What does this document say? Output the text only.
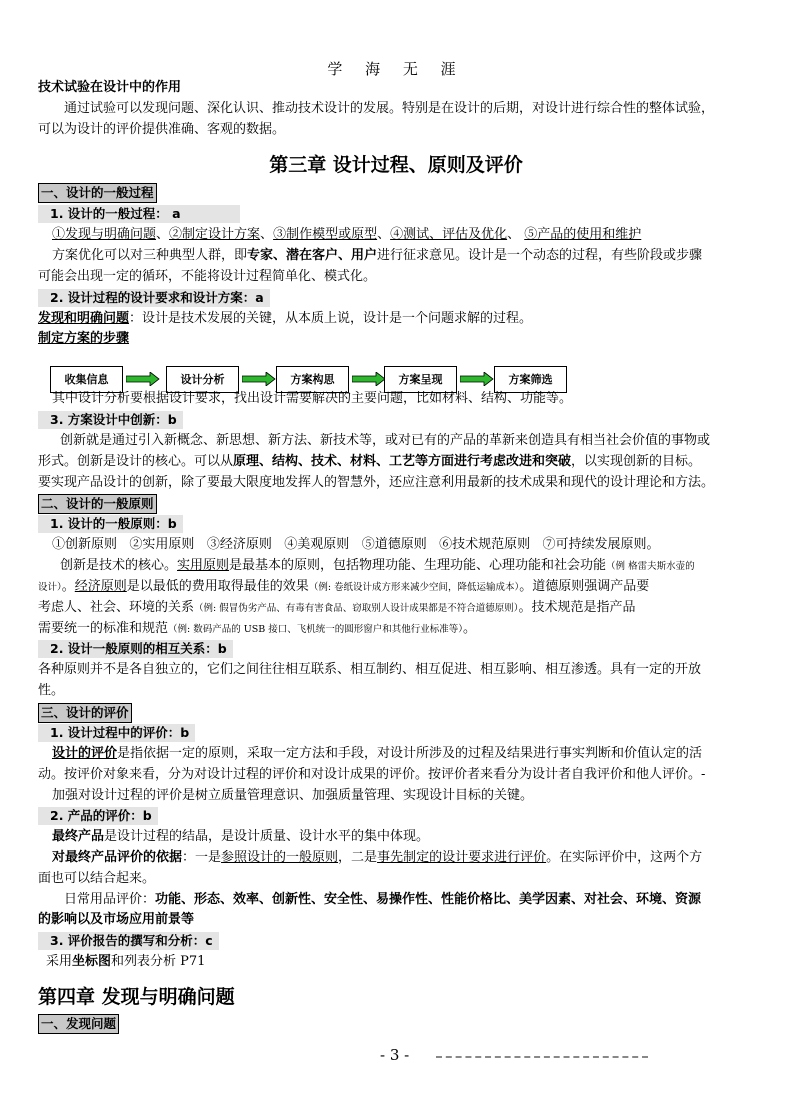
学 海 无 涯
技术试验在设计中的作用
通过试验可以发现问题、深化认识、推动技术设计的发展。特别是在设计的后期，对设计进行综合性的整体试验，
可以为设计的评价提供准确、客观的数据。
第三章 设计过程、原则及评价
一、设计的一般过程
1. 设计的一般过程： a
①发现与明确问题、②制定设计方案、③制作模型或原型、④测试、评估及优化、 ⑤产品的使用和维护
方案优化可以对三种典型人群，即专家、潜在客户、用户进行征求意见。设计是一个动态的过程，有些阶段或步骤
可能会出现一定的循环，不能将设计过程简单化、模式化。
2. 设计过程的设计要求和设计方案：a
发现和明确问题：设计是技术发展的关键，从本质上说，设计是一个问题求解的过程。
制定方案的步骤
收集信息	设计分析	方案构思	方案呈现	方案筛选
其中设计分析要根据设计要求，找出设计需要解决的主要问题，比如材料、结构、功能等。
3. 方案设计中创新：b
创新就是通过引入新概念、新思想、新方法、新技术等，或对已有的产品的革新来创造具有相当社会价值的事物或
形式。创新是设计的核心。可以从原理、结构、技术、材料、工艺等方面进行考虑改进和突破，以实现创新的目标。
要实现产品设计的创新，除了要最大限度地发挥人的智慧外，还应注意利用最新的技术成果和现代的设计理论和方法。
二、设计的一般原则
1. 设计的一般原则：b
①创新原则 ②实用原则 ③经济原则 ④美观原则 ⑤道德原则 ⑥技术规范原则 ⑦可持续发展原则。
创新是技术的核心。实用原则是最基本的原则，包括物理功能、生理功能、心理功能和社会功能（例 格雷夫斯水壶的
设计）。经济原则是以最低的费用取得最佳的效果（例: 卷纸设计成方形来减少空间，降低运输成本）。道德原则强调产品要
考虑人、社会、环境的关系（例: 假冒伪劣产品、有毒有害食品、窃取别人设计成果都是不符合道德原则）。技术规范是指产品
需要统一的标准和规范（例: 数码产品的 USB 接口、飞机统一的圆形窗户和其他行业标准等）。
2. 设计一般原则的相互关系：b
各种原则并不是各自独立的，它们之间往往相互联系、相互制约、相互促进、相互影响、相互渗透。具有一定的开放
性。
三、设计的评价
1. 设计过程中的评价：b
设计的评价是指依据一定的原则，采取一定方法和手段，对设计所涉及的过程及结果进行事实判断和价值认定的活
动。按评价对象来看，分为对设计过程的评价和对设计成果的评价。按评价者来看分为设计者自我评价和他人评价。-
加强对设计过程的评价是树立质量管理意识、加强质量管理、实现设计目标的关键。
2. 产品的评价：b
最终产品是设计过程的结晶，是设计质量、设计水平的集中体现。
对最终产品评价的依据：一是参照设计的一般原则，二是事先制定的设计要求进行评价。在实际评价中，这两个方
面也可以结合起来。
日常用品评价：功能、形态、效率、创新性、安全性、易操作性、性能价格比、美学因素、对社会、环境、资源
的影响以及市场应用前景等
3. 评价报告的撰写和分析：c
采用坐标图和列表分析 P71
第四章 发现与明确问题
一、发现问题
- 3 -
